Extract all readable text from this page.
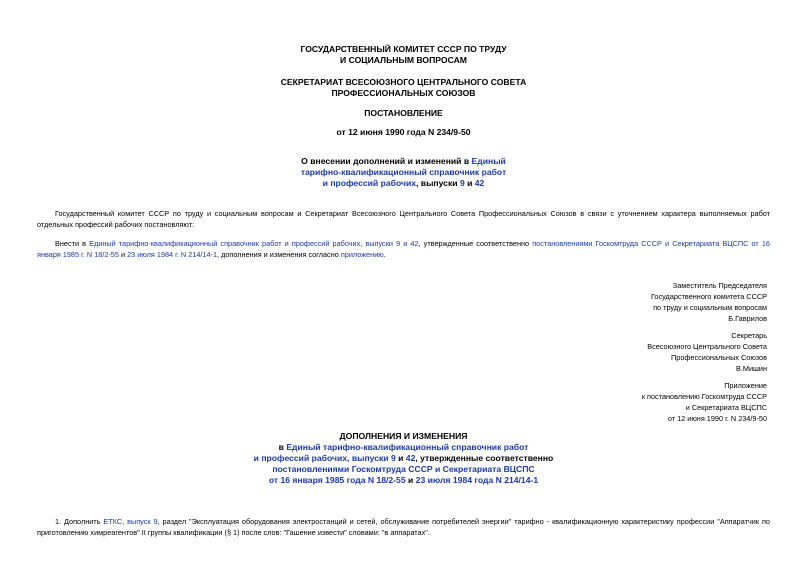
ГОСУДАРСТВЕННЫЙ КОМИТЕТ СССР ПО ТРУДУ
И СОЦИАЛЬНЫМ ВОПРОСАМ
СЕКРЕТАРИАТ ВСЕСОЮЗНОГО ЦЕНТРАЛЬНОГО СОВЕТА
ПРОФЕССИОНАЛЬНЫХ СОЮЗОВ
ПОСТАНОВЛЕНИЕ
от 12 июня 1990 года N 234/9-50
О внесении дополнений и изменений в Единый
тарифно-квалификационный справочник работ
и профессий рабочих, выпуски 9 и 42
Государственный комитет СССР по труду и социальным вопросам и Секретариат Всесоюзного Центрального Совета Профессиональных Союзов в связи с уточнением характера выполняемых работ отдельных профессий рабочих постановляют:
Внести в Единый тарифно-квалификационный справочник работ и профессий рабочих, выпуски 9 и 42, утвержденные соответственно постановлениями Госкомтруда СССР и Секретариата ВЦСПС от 16 января 1985 г. N 18/2-55 и 23 июля 1984 г. N 214/14-1, дополнения и изменения согласно приложению.
Заместитель Председателя
Государственного комитета СССР
по труду и социальным вопросам
Б.Гаврилов
Секретарь
Всесоюзного Центрального Совета
Профессиональных Союзов
В.Мишин
Приложение
к постановлению Госкомтруда СССР
и Секретариата ВЦСПС
от 12 июня 1990 г. N 234/9-50
ДОПОЛНЕНИЯ И ИЗМЕНЕНИЯ
в Единый тарифно-квалификационный справочник работ
и профессий рабочих, выпуски 9 и 42, утвержденные соответственно
постановлениями Госкомтруда СССР и Секретариата ВЦСПС
от 16 января 1985 года N 18/2-55 и 23 июля 1984 года N 214/14-1
1. Дополнить ЕТКС, выпуск 9, раздел "Эксплуатация оборудования электростанций и сетей, обслуживание потребителей энергии" тарифно - квалификационную характеристику профессии "Аппаратчик по приготовлению химреагентов" II группы квалификации (§ 1) после слов: "Гашение извести" словами: "в аппаратах".
